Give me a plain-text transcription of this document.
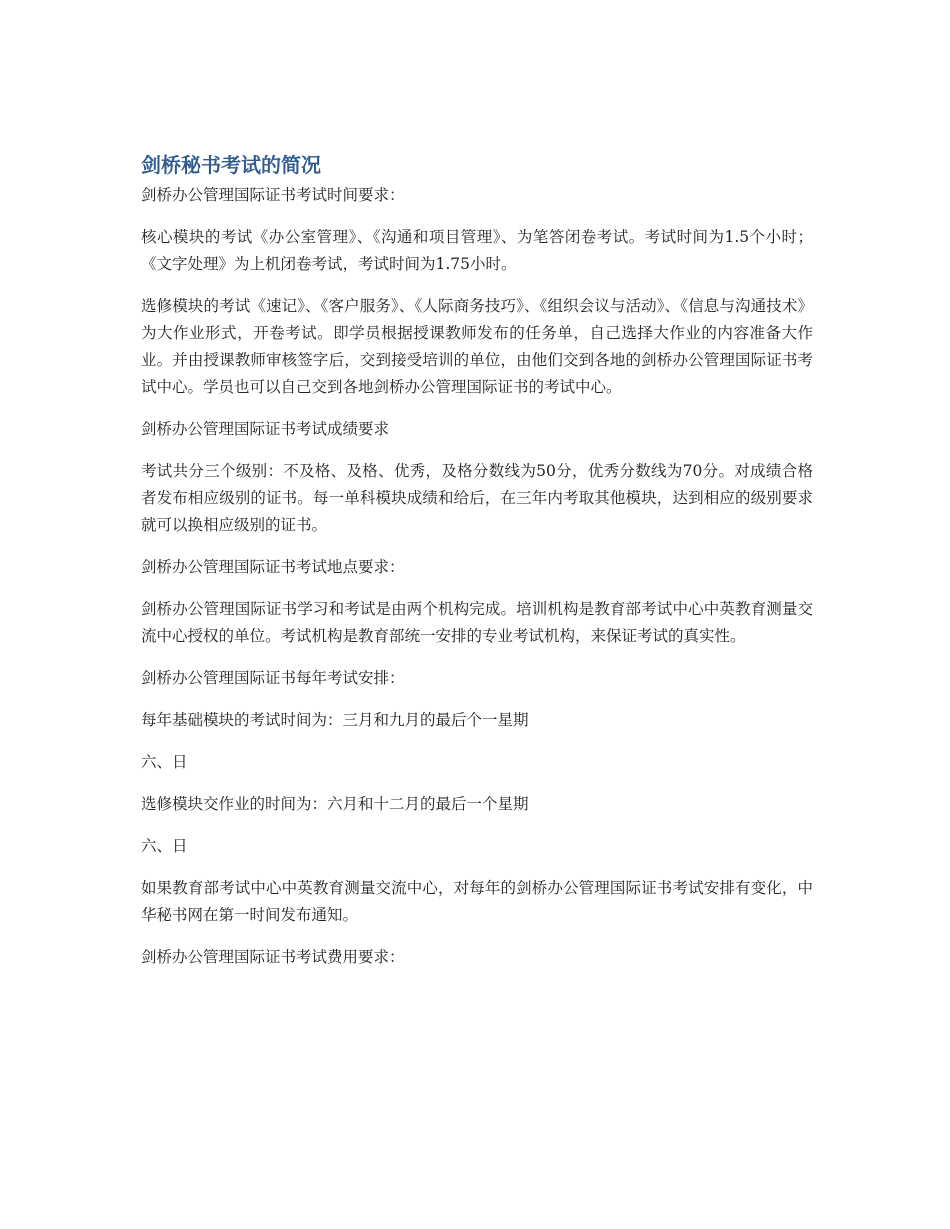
剑桥秘书考试的简况

剑桥办公管理国际证书考试时间要求：

核心模块的考试《办公室管理》、《沟通和项目管理》、为笔答闭卷考试。考试时间为1.5个小时；《文字处理》为上机闭卷考试，考试时间为1.75小时。

选修模块的考试《速记》、《客户服务》、《人际商务技巧》、《组织会议与活动》、《信息与沟通技术》为大作业形式，开卷考试。即学员根据授课教师发布的任务单，自己选择大作业的内容准备大作业。并由授课教师审核签字后，交到接受培训的单位，由他们交到各地的剑桥办公管理国际证书考试中心。学员也可以自己交到各地剑桥办公管理国际证书的考试中心。

剑桥办公管理国际证书考试成绩要求

考试共分三个级别：不及格、及格、优秀，及格分数线为50分，优秀分数线为70分。对成绩合格者发布相应级别的证书。每一单科模块成绩和给后，在三年内考取其他模块，达到相应的级别要求就可以换相应级别的证书。

剑桥办公管理国际证书考试地点要求：

剑桥办公管理国际证书学习和考试是由两个机构完成。培训机构是教育部考试中心中英教育测量交流中心授权的单位。考试机构是教育部统一安排的专业考试机构，来保证考试的真实性。

剑桥办公管理国际证书每年考试安排：

每年基础模块的考试时间为：三月和九月的最后个一星期

六、日

选修模块交作业的时间为：六月和十二月的最后一个星期

六、日

如果教育部考试中心中英教育测量交流中心，对每年的剑桥办公管理国际证书考试安排有变化，中华秘书网在第一时间发布通知。

剑桥办公管理国际证书考试费用要求：
